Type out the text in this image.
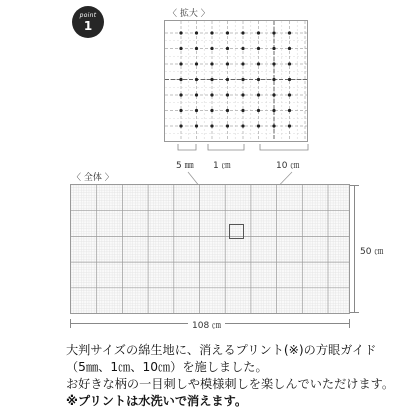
point
1
〈 拡大 〉
5 ㎜ 1 ㎝	10 ㎝
〈 全体 〉
50 ㎝
108 ㎝

大判サイズの綿生地に、消えるプリント(※)の方眼ガイド

（5㎜、1㎝、10㎝）を施しました。

お好きな柄の一目刺しや模様刺しを楽しんでいただけます。

※プリントは水洗いで消えます。
